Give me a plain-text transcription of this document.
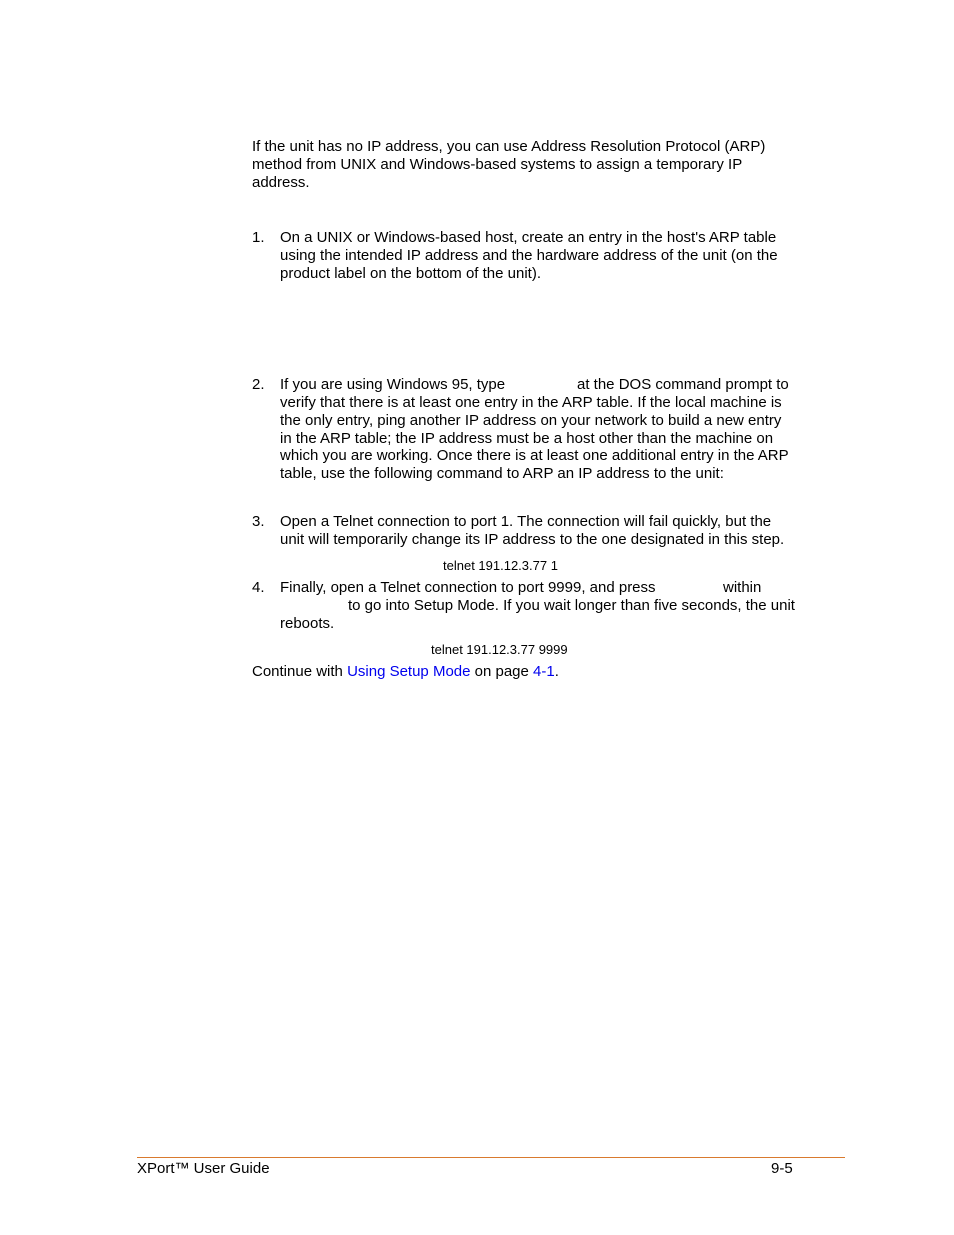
If the unit has no IP address, you can use Address Resolution Protocol (ARP)
method from UNIX and Windows-based systems to assign a temporary IP
address.
1. On a UNIX or Windows-based host, create an entry in the host's ARP table
using the intended IP address and the hardware address of the unit (on the
product label on the bottom of the unit).
2. If you are using Windows 95, type	at the DOS command prompt to
verify that there is at least one entry in the ARP table. If the local machine is
the only entry, ping another IP address on your network to build a new entry
in the ARP table; the IP address must be a host other than the machine on
which you are working. Once there is at least one additional entry in the ARP
table, use the following command to ARP an IP address to the unit:
3. Open a Telnet connection to port 1. The connection will fail quickly, but the
unit will temporarily change its IP address to the one designated in this step.
telnet 191.12.3.77 1
4. Finally, open a Telnet connection to port 9999, and press	within
to go into Setup Mode. If you wait longer than five seconds, the unit
reboots.
telnet 191.12.3.77 9999
Continue with Using Setup Mode on page 4-1.
XPort™ User Guide	9-5
